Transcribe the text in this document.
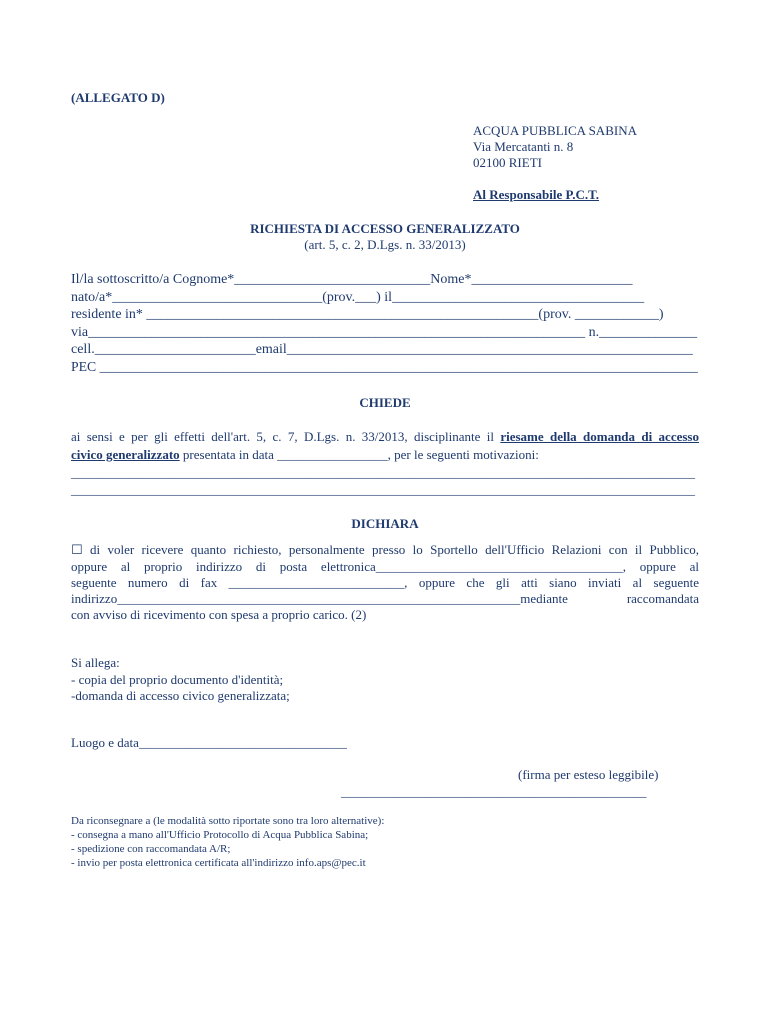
(ALLEGATO D)
ACQUA PUBBLICA SABINA
Via Mercatanti n. 8
02100 RIETI
Al Responsabile P.C.T.
RICHIESTA DI ACCESSO GENERALIZZATO
(art. 5, c. 2, D.Lgs. n. 33/2013)
Il/la sottoscritto/a Cognome*____________________________Nome*_______________________
nato/a*______________________________(prov.___) il____________________________________
residente in* ________________________________________________________(prov. ____________)
via_______________________________________________________________________ n.______________
cell._______________________email__________________________________________________________
PEC _______________________________________________________________________________________
CHIEDE
ai sensi e per gli effetti dell'art. 5, c. 7, D.Lgs. n. 33/2013, disciplinante il riesame della domanda di accesso
civico generalizzato presentata in data _________________, per le seguenti motivazioni:
________________________________________________________________________________________________
________________________________________________________________________________________________
DICHIARA
☐ di voler ricevere quanto richiesto, personalmente presso lo Sportello dell'Ufficio Relazioni con il Pubblico,
oppure al proprio indirizzo di posta elettronica______________________________________, oppure al
seguente numero di fax ___________________________, oppure che gli atti siano inviati al seguente
indirizzo______________________________________________________________mediante raccomandata
con avviso di ricevimento con spesa a proprio carico. (2)
Si allega:
- copia del proprio documento d'identità;
-domanda di accesso civico generalizzata;
Luogo e data________________________________
(firma per esteso leggibile)
_______________________________________________
Da riconsegnare a (le modalità sotto riportate sono tra loro alternative):
- consegna a mano all'Ufficio Protocollo di Acqua Pubblica Sabina;
- spedizione con raccomandata A/R;
- invio per posta elettronica certificata all'indirizzo info.aps@pec.it
